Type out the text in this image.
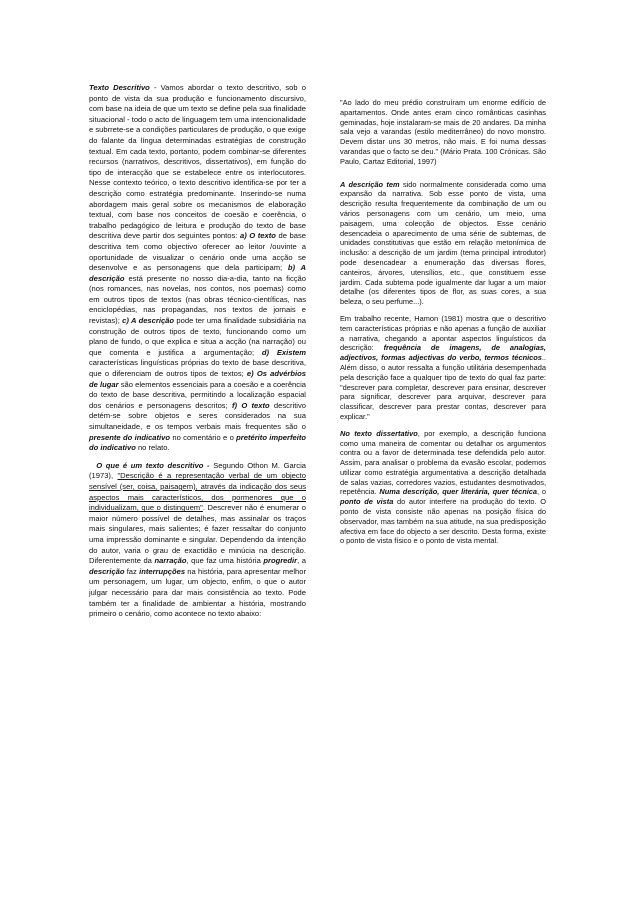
Texto Descritivo - Vamos abordar o texto descritivo, sob o ponto de vista da sua produção e funcionamento discursivo, com base na ideia de que um texto se define pela sua finalidade situacional - todo o acto de linguagem tem uma intencionalidade e subrrete-se a condições particulares de produção, o que exige do falante da língua determinadas estratégias de construção textual. Em cada texto, portanto, podem combinar-se diferentes recursos (narrativos, descritivos, dissertativos), em função do tipo de interacção que se estabelece entre os interlocutores. Nesse contexto teórico, o texto descritivo identifica-se por ter a descrição como estratégia predominante. Inserindo-se numa abordagem mais geral sobre os mecanismos de elaboração textual, com base nos conceitos de coesão e coerência, o trabalho pedagógico de leitura e produção do texto de base descritiva deve partir dos seguintes pontos: a) O texto de base descritiva tem como objectivo oferecer ao leitor /ouvinte a oportunidade de visualizar o cenário onde uma acção se desenvolve e as personagens que dela participam; b) A descrição está presente no nosso dia-a-dia, tanto na ficção (nos romances, nas novelas, nos contos, nos poemas) como em outros tipos de textos (nas obras técnico-científicas, nas enciclopédias, nas propagandas, nos textos de jornais e revistas); c) A descrição pode ter uma finalidade subsidiária na construção de outros tipos de texto, funcionando como um plano de fundo, o que explica e situa a acção (na narração) ou que comenta e justifica a argumentação; d) Existem características linguísticas próprias do texto de base descritiva, que o diferenciam de outros tipos de textos; e) Os advérbios de lugar são elementos essenciais para a coesão e a coerência do texto de base descritiva, permitindo a localização espacial dos cenários e personagens descritos; f) O texto descritivo detém-se sobre objetos e seres considerados na sua simultaneidade, e os tempos verbais mais frequentes são o presente do indicativo no comentário e o pretérito imperfeito do indicativo no relato.

O que é um texto descritivo - Segundo Othon M. Garcia (1973), "Descrição é a representação verbal de um objecto sensível (ser, coisa, paisagem), através da indicação dos seus aspectos mais característicos, dos pormenores que o individualizam, que o distinguem". Descrever não é enumerar o maior número possível de detalhes, mas assinalar os traços mais singulares, mais salientes; é fazer ressaltar do conjunto uma impressão dominante e singular. Dependendo da intenção do autor, varia o grau de exactidão e minúcia na descrição. Diferentemente da narração, que faz uma história progredir, a descrição faz interrupções na história, para apresentar melhor um personagem, um lugar, um objecto, enfim, o que o autor julgar necessário para dar mais consistência ao texto. Pode também ter a finalidade de ambientar a história, mostrando primeiro o cenário, como acontece no texto abaixo:

"Ao lado do meu prédio construíram um enorme edifício de apartamentos. Onde antes eram cinco românticas casinhas geminadas, hoje instalaram-se mais de 20 andares. Da minha sala vejo a varandas (estilo mediterrâneo) do novo monstro. Devem distar uns 30 metros, não mais. E foi numa dessas varandas que o facto se deu." (Mário Prata. 100 Crónicas. São Paulo, Cartaz Editorial, 1997)

A descrição tem sido normalmente considerada como uma expansão da narrativa. Sob esse ponto de vista, uma descrição resulta frequentemente da combinação de um ou vários personagens com um cenário, um meio, uma paisagem, uma colecção de objectos. Esse cenário desencadeia o aparecimento de uma série de subtemas, de unidades constitutivas que estão em relação metonímica de inclusão: a descrição de um jardim (tema principal introdutor) pode desencadear a enumeração das diversas flores, canteiros, árvores, utensílios, etc., que constituem esse jardim. Cada subtema pode igualmente dar lugar a um maior detalhe (os diferentes tipos de flor, as suas cores, a sua beleza, o seu perfume...).

Em trabalho recente, Hamon (1981) mostra que o descritivo tem características próprias e não apenas a função de auxiliar a narrativa, chegando a apontar aspectos linguísticos da descrição: frequência de imagens, de analogias, adjectivos, formas adjectivas do verbo, termos técnicos.. Além disso, o autor ressalta a função utilitária desempenhada pela descrição face a qualquer tipo de texto do qual faz parte: "descrever para completar, descrever para ensinar, descrever para significar, descrever para arquivar, descrever para classificar, descrever para prestar contas, descrever para explicar."

No texto dissertativo, por exemplo, a descrição funciona como uma maneira de comentar ou detalhar os argumentos contra ou a favor de determinada tese defendida pelo autor. Assim, para analisar o problema da evasão escolar, podemos utilizar como estratégia argumentativa a descrição detalhada de salas vazias, corredores vazios, estudantes desmotivados, repetência. Numa descrição, quer literária, quer técnica, o ponto de vista do autor interfere na produção do texto. O ponto de vista consiste não apenas na posição física do observador, mas também na sua atitude, na sua predisposição afectiva em face do objecto a ser descrito. Desta forma, existe o ponto de vista físico e o ponto de vista mental.
